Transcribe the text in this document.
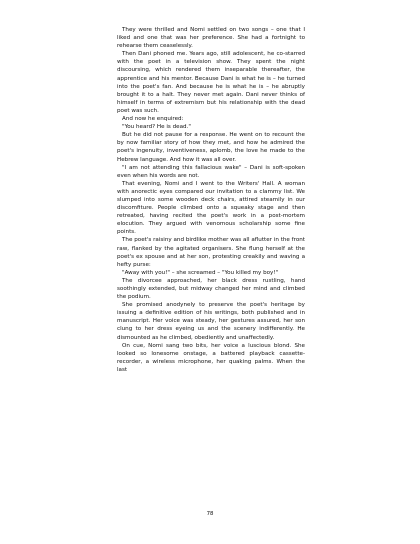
They were thrilled and Nomi settled on two songs – one that I liked and one that was her preference. She had a fortnight to rehearse them ceaselessly.

Then Dani phoned me. Years ago, still adolescent, he co-starred with the poet in a television show. They spent the night discoursing, which rendered them inseparable thereafter, the apprentice and his mentor. Because Dani is what he is – he turned into the poet's fan. And because he is what he is – he abruptly brought it to a halt. They never met again. Dani never thinks of himself in terms of extremism but his relationship with the dead poet was such.

And now he enquired:

"You heard? He is dead."

But he did not pause for a response. He went on to recount the by now familiar story of how they met, and how he admired the poet's ingenuity, inventiveness, aplomb, the love he made to the Hebrew language. And how it was all over.

"I am not attending this fallacious wake" – Dani is soft-spoken even when his words are not.

That evening, Nomi and I went to the Writers' Hall. A woman with anorectic eyes compared our invitation to a clammy list. We slumped into some wooden deck chairs, attired steamily in our discomfiture. People climbed onto a squeaky stage and then retreated, having recited the poet's work in a post-mortem elocution. They argued with venomous scholarship some fine points.

The poet's raisiny and birdlike mother was all aflutter in the front raw, flanked by the agitated organisers. She flung herself at the poet's ex spouse and at her son, protesting creakily and waving a hefty purse:

"Away with you!" – she screamed – "You killed my boy!"

The divorcee approached, her black dress rustling, hand soothingly extended, but midway changed her mind and climbed the podium.

She promised anodynely to preserve the poet's heritage by issuing a definitive edition of his writings, both published and in manuscript. Her voice was steady, her gestures assured, her son clung to her dress eyeing us and the scenery indifferently. He dismounted as he climbed, obediently and unaffectedly.

On cue, Nomi sang two bits, her voice a luscious blond. She looked so lonesome onstage, a battered playback cassette-recorder, a wireless microphone, her quaking palms. When the last

78
